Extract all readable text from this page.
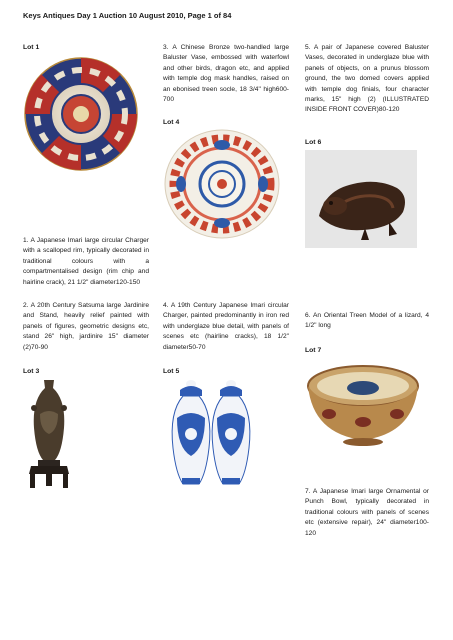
Keys Antiques Day 1 Auction 10 August 2010, Page 1 of 84
Lot 1
1. A Japanese Imari large circular Charger with a scalloped rim, typically decorated in traditional colours with a compartmentalised design (rim chip and hairline crack), 21 1/2" diameter120-150
2. A 20th Century Satsuma large Jardinire and Stand, heavily relief painted with panels of figures, geometric designs etc, stand 26" high, jardinire 15" diameter (2)70-90
Lot 3
3. A Chinese Bronze two-handled large Baluster Vase, embossed with waterfowl and other birds, dragon etc, and applied with temple dog mask handles, raised on an ebonised treen socle, 18 3/4" high600-700
Lot 4
4. A 19th Century Japanese Imari circular Charger, painted predominantly in iron red with underglaze blue detail, with panels of scenes etc (hairline cracks), 18 1/2" diameter50-70
Lot 5
5. A pair of Japanese covered Baluster Vases, decorated in underglaze blue with panels of objects, on a prunus blossom ground, the two domed covers applied with temple dog finials, four character marks, 15" high (2) (ILLUSTRATED INSIDE FRONT COVER)80-120
Lot 6
6. An Oriental Treen Model of a lizard, 4 1/2" long
Lot 7
7. A Japanese Imari large Ornamental or Punch Bowl, typically decorated in traditional colours with panels of scenes etc (extensive repair), 24" diameter100-120
